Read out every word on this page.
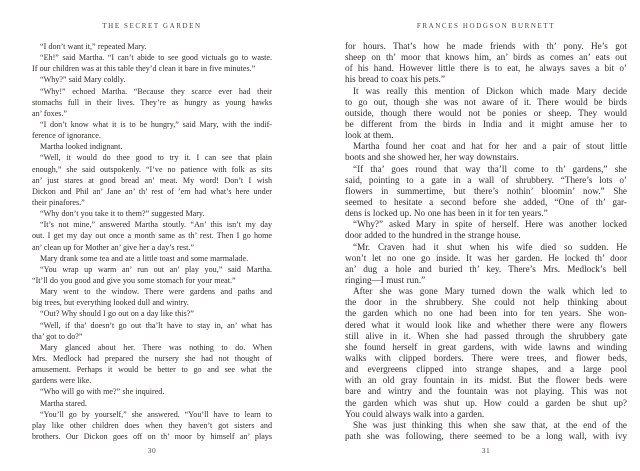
THE SECRET GARDEN
“I don’t want it,” repeated Mary.
“Eh!” said Martha. “I can’t abide to see good victuals go to waste.
If our children was at this table they’d clean it bare in five minutes.”
“Why?” said Mary coldly.
“Why!” echoed Martha. “Because they scarce ever had their
stomachs full in their lives. They’re as hungry as young hawks
an’ foxes.”
“I don’t know what it is to be hungry,” said Mary, with the indif-
ference of ignorance.
Martha looked indignant.
“Well, it would do thee good to try it. I can see that plain
enough,” she said outspokenly. “I’ve no patience with folk as sits
an’ just stares at good bread an’ meat. My word! Don’t I wish
Dickon and Phil an’ Jane an’ th’ rest of ’em had what’s here under
their pinafores.”
“Why don’t you take it to them?” suggested Mary.
“It’s not mine,” answered Martha stoutly. “An’ this isn’t my day
out. I get my day out once a month same as th’ rest. Then I go home
an’ clean up for Mother an’ give her a day’s rest.”
Mary drank some tea and ate a little toast and some marmalade.
“You wrap up warm an’ run out an’ play you,” said Martha.
“It’ll do you good and give you some stomach for your meat.”
Mary went to the window. There were gardens and paths and
big trees, but everything looked dull and wintry.
“Out? Why should I go out on a day like this?”
“Well, if tha’ doesn’t go out tha’lt have to stay in, an’ what has
tha’ got to do?”
Mary glanced about her. There was nothing to do. When
Mrs. Medlock had prepared the nursery she had not thought of
amusement. Perhaps it would be better to go and see what the
gardens were like.
“Who will go with me?” she inquired.
Martha stared.
“You’ll go by yourself,” she answered. “You’ll have to learn to
play like other children does when they haven’t got sisters and
brothers. Our Dickon goes off on th’ moor by himself an’ plays
30
FRANCES HODGSON BURNETT
for hours. That’s how he made friends with th’ pony. He’s got
sheep on th’ moor that knows him, an’ birds as comes an’ eats out
of his hand. However little there is to eat, he always saves a bit o’
his bread to coax his pets.”
It was really this mention of Dickon which made Mary decide
to go out, though she was not aware of it. There would be birds
outside, though there would not be ponies or sheep. They would
be different from the birds in India and it might amuse her to
look at them.
Martha found her coat and hat for her and a pair of stout little
boots and she showed her, her way downstairs.
“If tha’ goes round that way tha’ll come to th’ gardens,” she
said, pointing to a gate in a wall of shrubbery. “There’s lots o’
flowers in summertime, but there’s nothin’ bloomin’ now.” She
seemed to hesitate a second before she added, “One of th’ gar-
dens is locked up. No one has been in it for ten years.”
“Why?” asked Mary in spite of herself. Here was another locked
door added to the hundred in the strange house.
“Mr. Craven had it shut when his wife died so sudden. He
won’t let no one go inside. It was her garden. He locked th’ door
an’ dug a hole and buried th’ key. There’s Mrs. Medlock’s bell
ringing—I must run.”
After she was gone Mary turned down the walk which led to
the door in the shrubbery. She could not help thinking about
the garden which no one had been into for ten years. She won-
dered what it would look like and whether there were any flowers
still alive in it. When she had passed through the shrubbery gate
she found herself in great gardens, with wide lawns and winding
walks with clipped borders. There were trees, and flower beds,
and evergreens clipped into strange shapes, and a large pool
with an old gray fountain in its midst. But the flower beds were
bare and wintry and the fountain was not playing. This was not
the garden which was shut up. How could a garden be shut up?
You could always walk into a garden.
She was just thinking this when she saw that, at the end of the
path she was following, there seemed to be a long wall, with ivy
31
